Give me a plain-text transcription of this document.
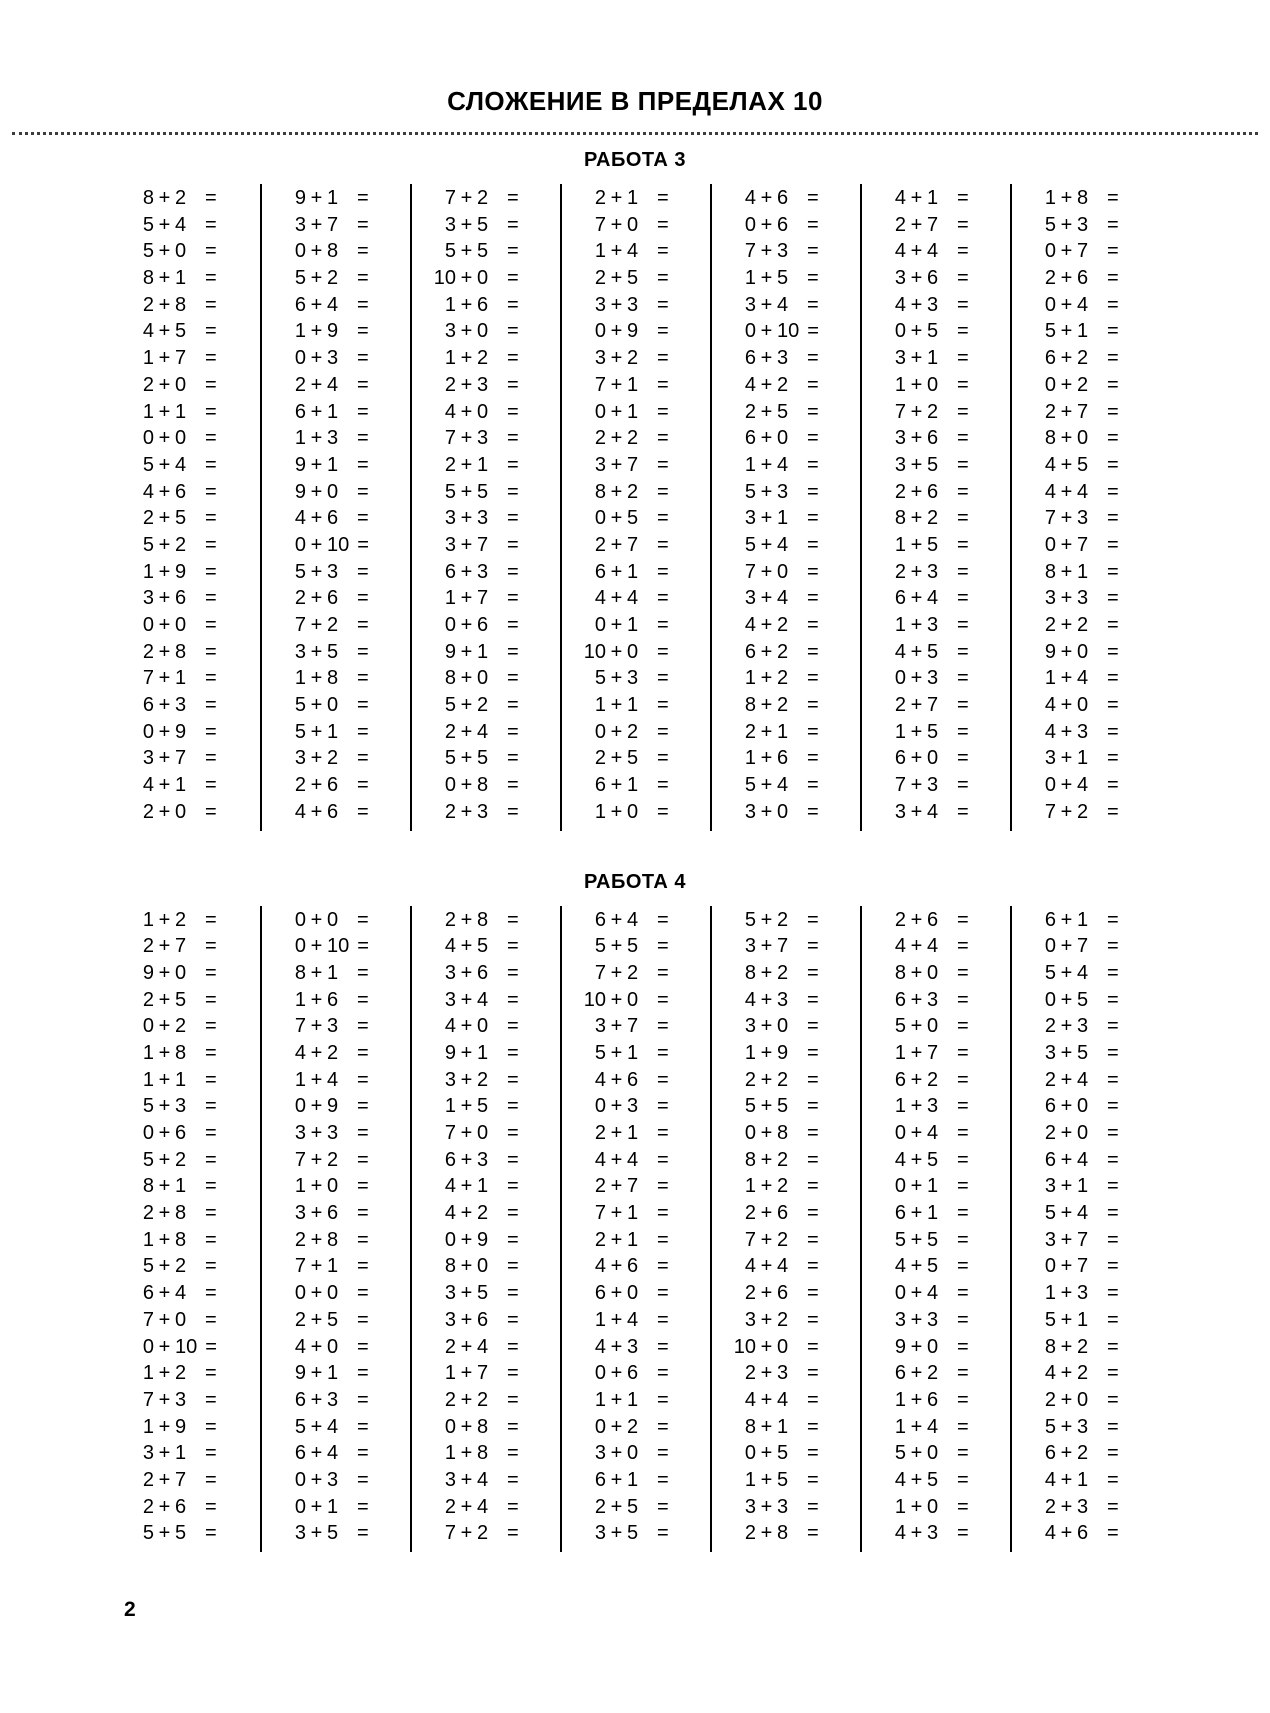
СЛОЖЕНИЕ В ПРЕДЕЛАХ 10
РАБОТА 3
8 + 2 =
5 + 4 =
5 + 0 =
8 + 1 =
2 + 8 =
4 + 5 =
1 + 7 =
2 + 0 =
1 + 1 =
0 + 0 =
5 + 4 =
4 + 6 =
2 + 5 =
5 + 2 =
1 + 9 =
3 + 6 =
0 + 0 =
2 + 8 =
7 + 1 =
6 + 3 =
0 + 9 =
3 + 7 =
4 + 1 =
2 + 0 =
9 + 1 =
3 + 7 =
0 + 8 =
5 + 2 =
6 + 4 =
1 + 9 =
0 + 3 =
2 + 4 =
6 + 1 =
1 + 3 =
9 + 1 =
9 + 0 =
4 + 6 =
0 + 10 =
5 + 3 =
2 + 6 =
7 + 2 =
3 + 5 =
1 + 8 =
5 + 0 =
5 + 1 =
3 + 2 =
2 + 6 =
4 + 6 =
7 + 2 =
3 + 5 =
5 + 5 =
10 + 0 =
1 + 6 =
3 + 0 =
1 + 2 =
2 + 3 =
4 + 0 =
7 + 3 =
2 + 1 =
5 + 5 =
3 + 3 =
3 + 7 =
6 + 3 =
1 + 7 =
0 + 6 =
9 + 1 =
8 + 0 =
5 + 2 =
2 + 4 =
5 + 5 =
0 + 8 =
2 + 3 =
2 + 1 =
7 + 0 =
1 + 4 =
2 + 5 =
3 + 3 =
0 + 9 =
3 + 2 =
7 + 1 =
0 + 1 =
2 + 2 =
3 + 7 =
8 + 2 =
0 + 5 =
2 + 7 =
6 + 1 =
4 + 4 =
0 + 1 =
10 + 0 =
5 + 3 =
1 + 1 =
0 + 2 =
2 + 5 =
6 + 1 =
1 + 0 =
4 + 6 =
0 + 6 =
7 + 3 =
1 + 5 =
3 + 4 =
0 + 10 =
6 + 3 =
4 + 2 =
2 + 5 =
6 + 0 =
1 + 4 =
5 + 3 =
3 + 1 =
5 + 4 =
7 + 0 =
3 + 4 =
4 + 2 =
6 + 2 =
1 + 2 =
8 + 2 =
2 + 1 =
1 + 6 =
5 + 4 =
3 + 0 =
4 + 1 =
2 + 7 =
4 + 4 =
3 + 6 =
4 + 3 =
0 + 5 =
3 + 1 =
1 + 0 =
7 + 2 =
3 + 6 =
3 + 5 =
2 + 6 =
8 + 2 =
1 + 5 =
2 + 3 =
6 + 4 =
1 + 3 =
4 + 5 =
0 + 3 =
2 + 7 =
1 + 5 =
6 + 0 =
7 + 3 =
3 + 4 =
1 + 8 =
5 + 3 =
0 + 7 =
2 + 6 =
0 + 4 =
5 + 1 =
6 + 2 =
0 + 2 =
2 + 7 =
8 + 0 =
4 + 5 =
4 + 4 =
7 + 3 =
0 + 7 =
8 + 1 =
3 + 3 =
2 + 2 =
9 + 0 =
1 + 4 =
4 + 0 =
4 + 3 =
3 + 1 =
0 + 4 =
7 + 2 =
РАБОТА 4
1 + 2 =
2 + 7 =
9 + 0 =
2 + 5 =
0 + 2 =
1 + 8 =
1 + 1 =
5 + 3 =
0 + 6 =
5 + 2 =
8 + 1 =
2 + 8 =
1 + 8 =
5 + 2 =
6 + 4 =
7 + 0 =
0 + 10 =
1 + 2 =
7 + 3 =
1 + 9 =
3 + 1 =
2 + 7 =
2 + 6 =
5 + 5 =
0 + 0 =
0 + 10 =
8 + 1 =
1 + 6 =
7 + 3 =
4 + 2 =
1 + 4 =
0 + 9 =
3 + 3 =
7 + 2 =
1 + 0 =
3 + 6 =
2 + 8 =
7 + 1 =
0 + 0 =
2 + 5 =
4 + 0 =
9 + 1 =
6 + 3 =
5 + 4 =
6 + 4 =
0 + 3 =
0 + 1 =
3 + 5 =
2 + 8 =
4 + 5 =
3 + 6 =
3 + 4 =
4 + 0 =
9 + 1 =
3 + 2 =
1 + 5 =
7 + 0 =
6 + 3 =
4 + 1 =
4 + 2 =
0 + 9 =
8 + 0 =
3 + 5 =
3 + 6 =
2 + 4 =
1 + 7 =
2 + 2 =
0 + 8 =
1 + 8 =
3 + 4 =
2 + 4 =
7 + 2 =
6 + 4 =
5 + 5 =
7 + 2 =
10 + 0 =
3 + 7 =
5 + 1 =
4 + 6 =
0 + 3 =
2 + 1 =
4 + 4 =
2 + 7 =
7 + 1 =
2 + 1 =
4 + 6 =
6 + 0 =
1 + 4 =
4 + 3 =
0 + 6 =
1 + 1 =
0 + 2 =
3 + 0 =
6 + 1 =
2 + 5 =
3 + 5 =
5 + 2 =
3 + 7 =
8 + 2 =
4 + 3 =
3 + 0 =
1 + 9 =
2 + 2 =
5 + 5 =
0 + 8 =
8 + 2 =
1 + 2 =
2 + 6 =
7 + 2 =
4 + 4 =
2 + 6 =
3 + 2 =
10 + 0 =
2 + 3 =
4 + 4 =
8 + 1 =
0 + 5 =
1 + 5 =
3 + 3 =
2 + 8 =
2 + 6 =
4 + 4 =
8 + 0 =
6 + 3 =
5 + 0 =
1 + 7 =
6 + 2 =
1 + 3 =
0 + 4 =
4 + 5 =
0 + 1 =
6 + 1 =
5 + 5 =
4 + 5 =
0 + 4 =
3 + 3 =
9 + 0 =
6 + 2 =
1 + 6 =
1 + 4 =
5 + 0 =
4 + 5 =
1 + 0 =
4 + 3 =
6 + 1 =
0 + 7 =
5 + 4 =
0 + 5 =
2 + 3 =
3 + 5 =
2 + 4 =
6 + 0 =
2 + 0 =
6 + 4 =
3 + 1 =
5 + 4 =
3 + 7 =
0 + 7 =
1 + 3 =
5 + 1 =
8 + 2 =
4 + 2 =
2 + 0 =
5 + 3 =
6 + 2 =
4 + 1 =
2 + 3 =
4 + 6 =
2
